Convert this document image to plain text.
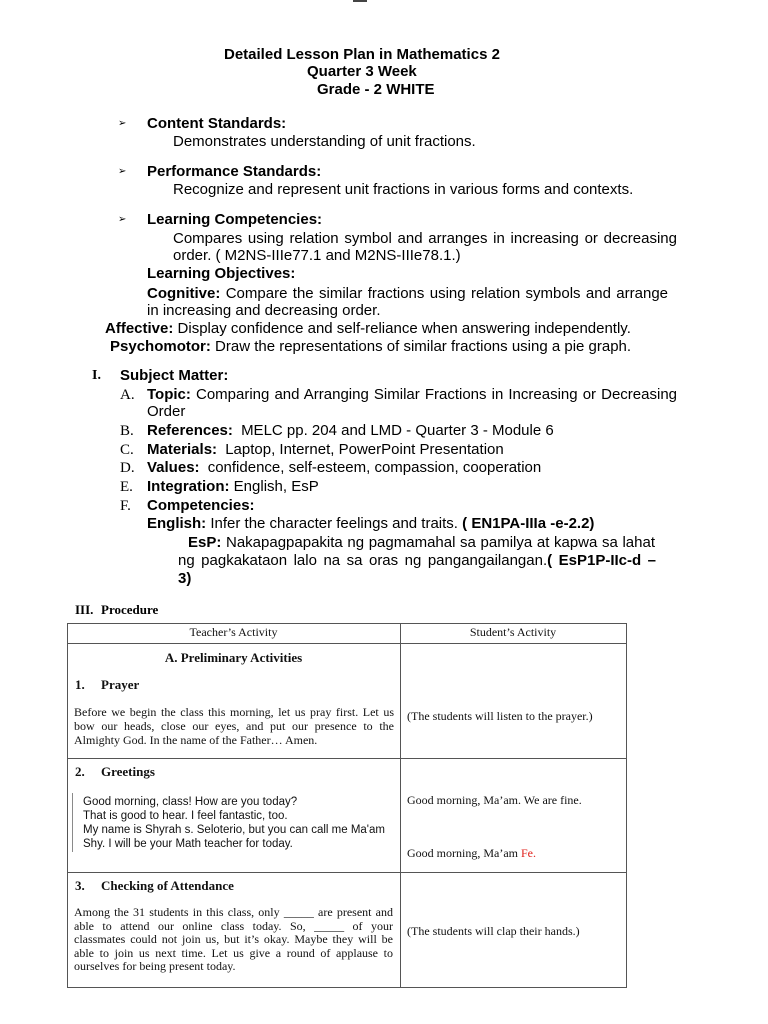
Detailed Lesson Plan in Mathematics 2
Quarter 3 Week
Grade - 2 WHITE
➢ Content Standards:
Demonstrates understanding of unit fractions.
➢ Performance Standards:
Recognize and represent unit fractions in various forms and contexts.
➢ Learning Competencies:
Compares using relation symbol and arranges in increasing or decreasing
order. ( M2NS-IIIe77.1 and M2NS-IIIe78.1.)
Learning Objectives:
Cognitive: Compare the similar fractions using relation symbols and arrange
in increasing and decreasing order.
Affective: Display confidence and self-reliance when answering independently.
Psychomotor: Draw the representations of similar fractions using a pie graph.
I. Subject Matter:
A. Topic: Comparing and Arranging Similar Fractions in Increasing or Decreasing
Order
B. References: MELC pp. 204 and LMD - Quarter 3 - Module 6
C. Materials: Laptop, Internet, PowerPoint Presentation
D. Values: confidence, self-esteem, compassion, cooperation
E. Integration: English, EsP
F. Competencies:
English: Infer the character feelings and traits. ( EN1PA-IIIa -e-2.2)
EsP: Nakapagpapakita ng pagmamahal sa pamilya at kapwa sa lahat
ng pagkakataon lalo na sa oras ng pangangailangan.( EsP1P-IIc-d –
3)
III. Procedure
Teacher’s Activity	Student’s Activity
A. Preliminary Activities
1. Prayer
Before we begin the class this morning, let us pray first. Let us
bow our heads, close our eyes, and put our presence to the
Almighty God. In the name of the Father… Amen.
(The students will listen to the prayer.)
2. Greetings
Good morning, class! How are you today?
That is good to hear. I feel fantastic, too.
My name is Shyrah s. Seloterio, but you can call me Ma'am
Shy. I will be your Math teacher for today.
Good morning, Ma’am. We are fine.
Good morning, Ma’am Fe.
3. Checking of Attendance
Among the 31 students in this class, only _____ are present and
able to attend our online class today. So, _____ of your
classmates could not join us, but it’s okay. Maybe they will be
able to join us next time. Let us give a round of applause to
ourselves for being present today.
(The students will clap their hands.)
